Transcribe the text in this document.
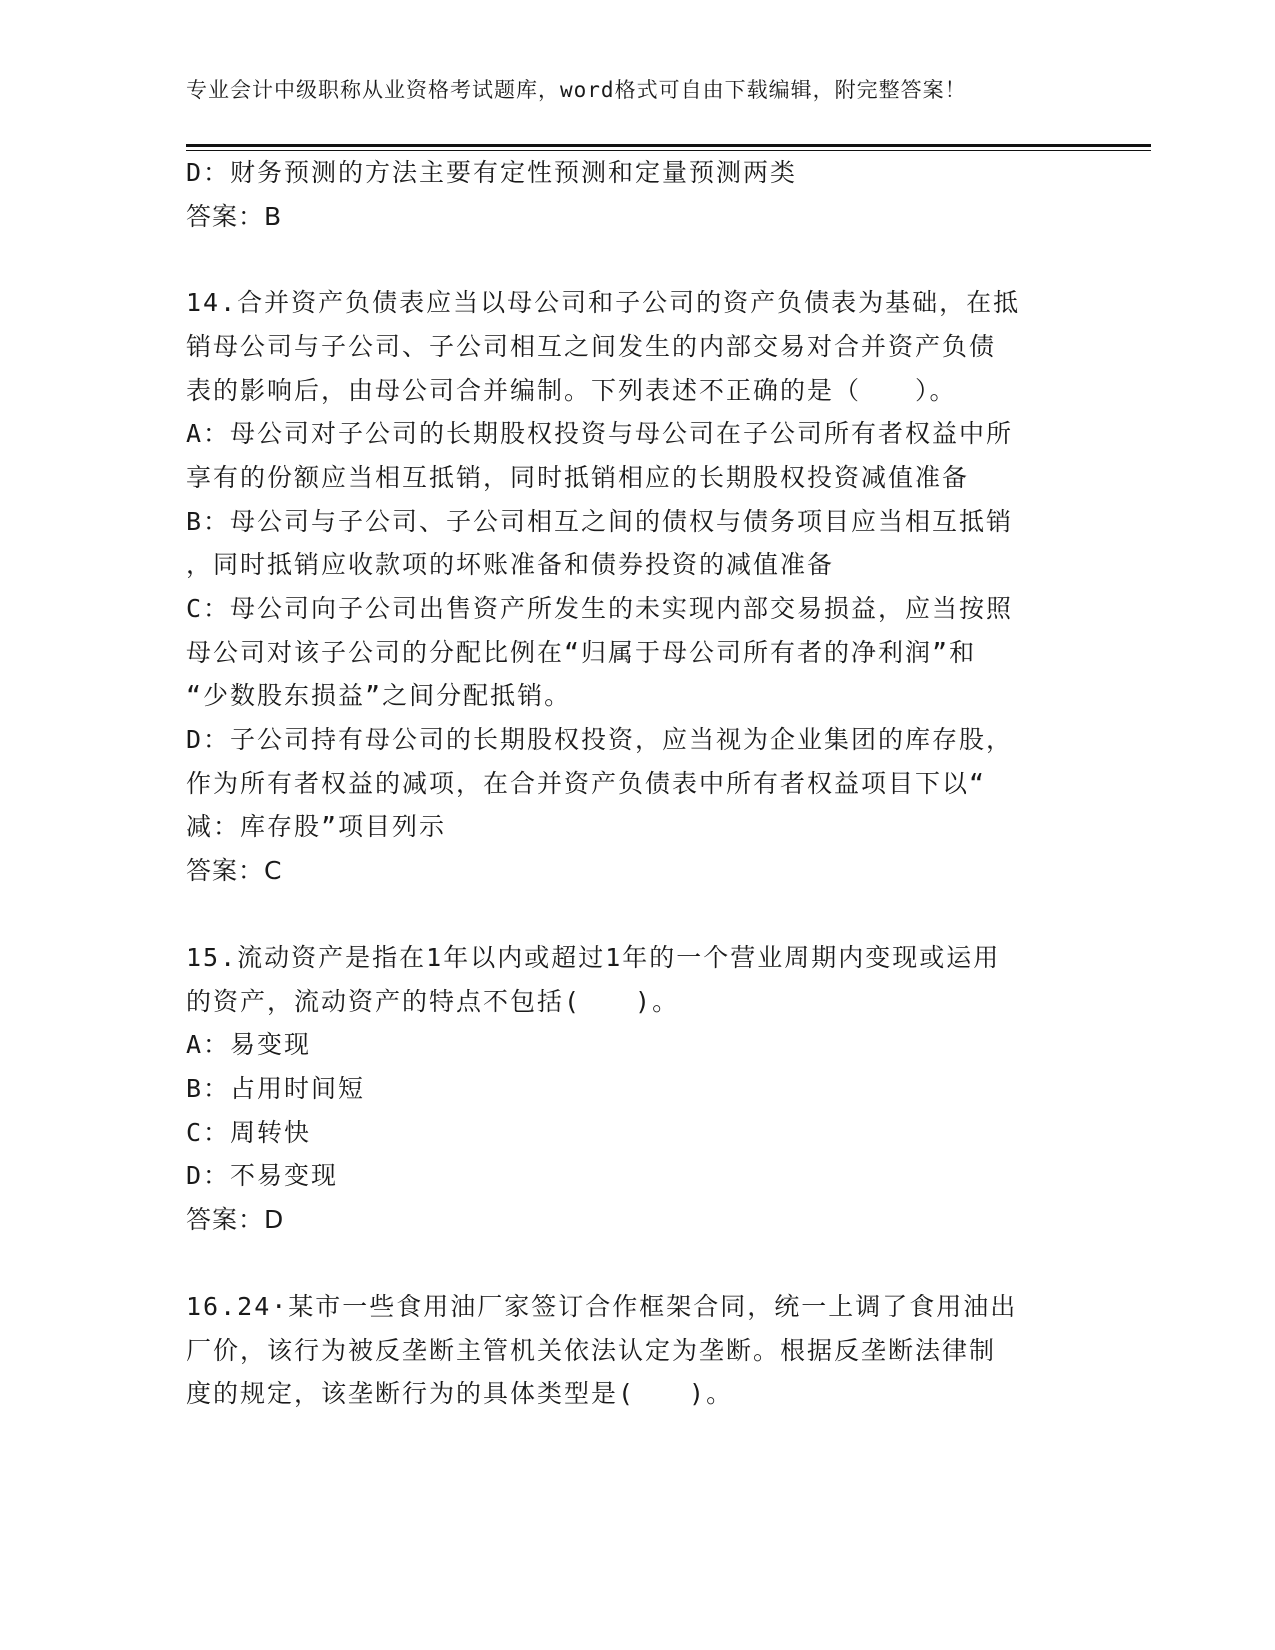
专业会计中级职称从业资格考试题库，word格式可自由下载编辑，附完整答案！
D：财务预测的方法主要有定性预测和定量预测两类
答案：B
14.合并资产负债表应当以母公司和子公司的资产负债表为基础，在抵
销母公司与子公司、子公司相互之间发生的内部交易对合并资产负债
表的影响后，由母公司合并编制。下列表述不正确的是（　　）。
A：母公司对子公司的长期股权投资与母公司在子公司所有者权益中所
享有的份额应当相互抵销，同时抵销相应的长期股权投资减值准备
B：母公司与子公司、子公司相互之间的债权与债务项目应当相互抵销
，同时抵销应收款项的坏账准备和债券投资的减值准备
C：母公司向子公司出售资产所发生的未实现内部交易损益，应当按照
母公司对该子公司的分配比例在“归属于母公司所有者的净利润”和
“少数股东损益”之间分配抵销。
D：子公司持有母公司的长期股权投资，应当视为企业集团的库存股，
作为所有者权益的减项，在合并资产负债表中所有者权益项目下以“
减：库存股”项目列示
答案：C
15.流动资产是指在1年以内或超过1年的一个营业周期内变现或运用
的资产，流动资产的特点不包括(　　)。
A：易变现
B：占用时间短
C：周转快
D：不易变现
答案：D
16.24·某市一些食用油厂家签订合作框架合同，统一上调了食用油出
厂价，该行为被反垄断主管机关依法认定为垄断。根据反垄断法律制
度的规定，该垄断行为的具体类型是(　　)。
